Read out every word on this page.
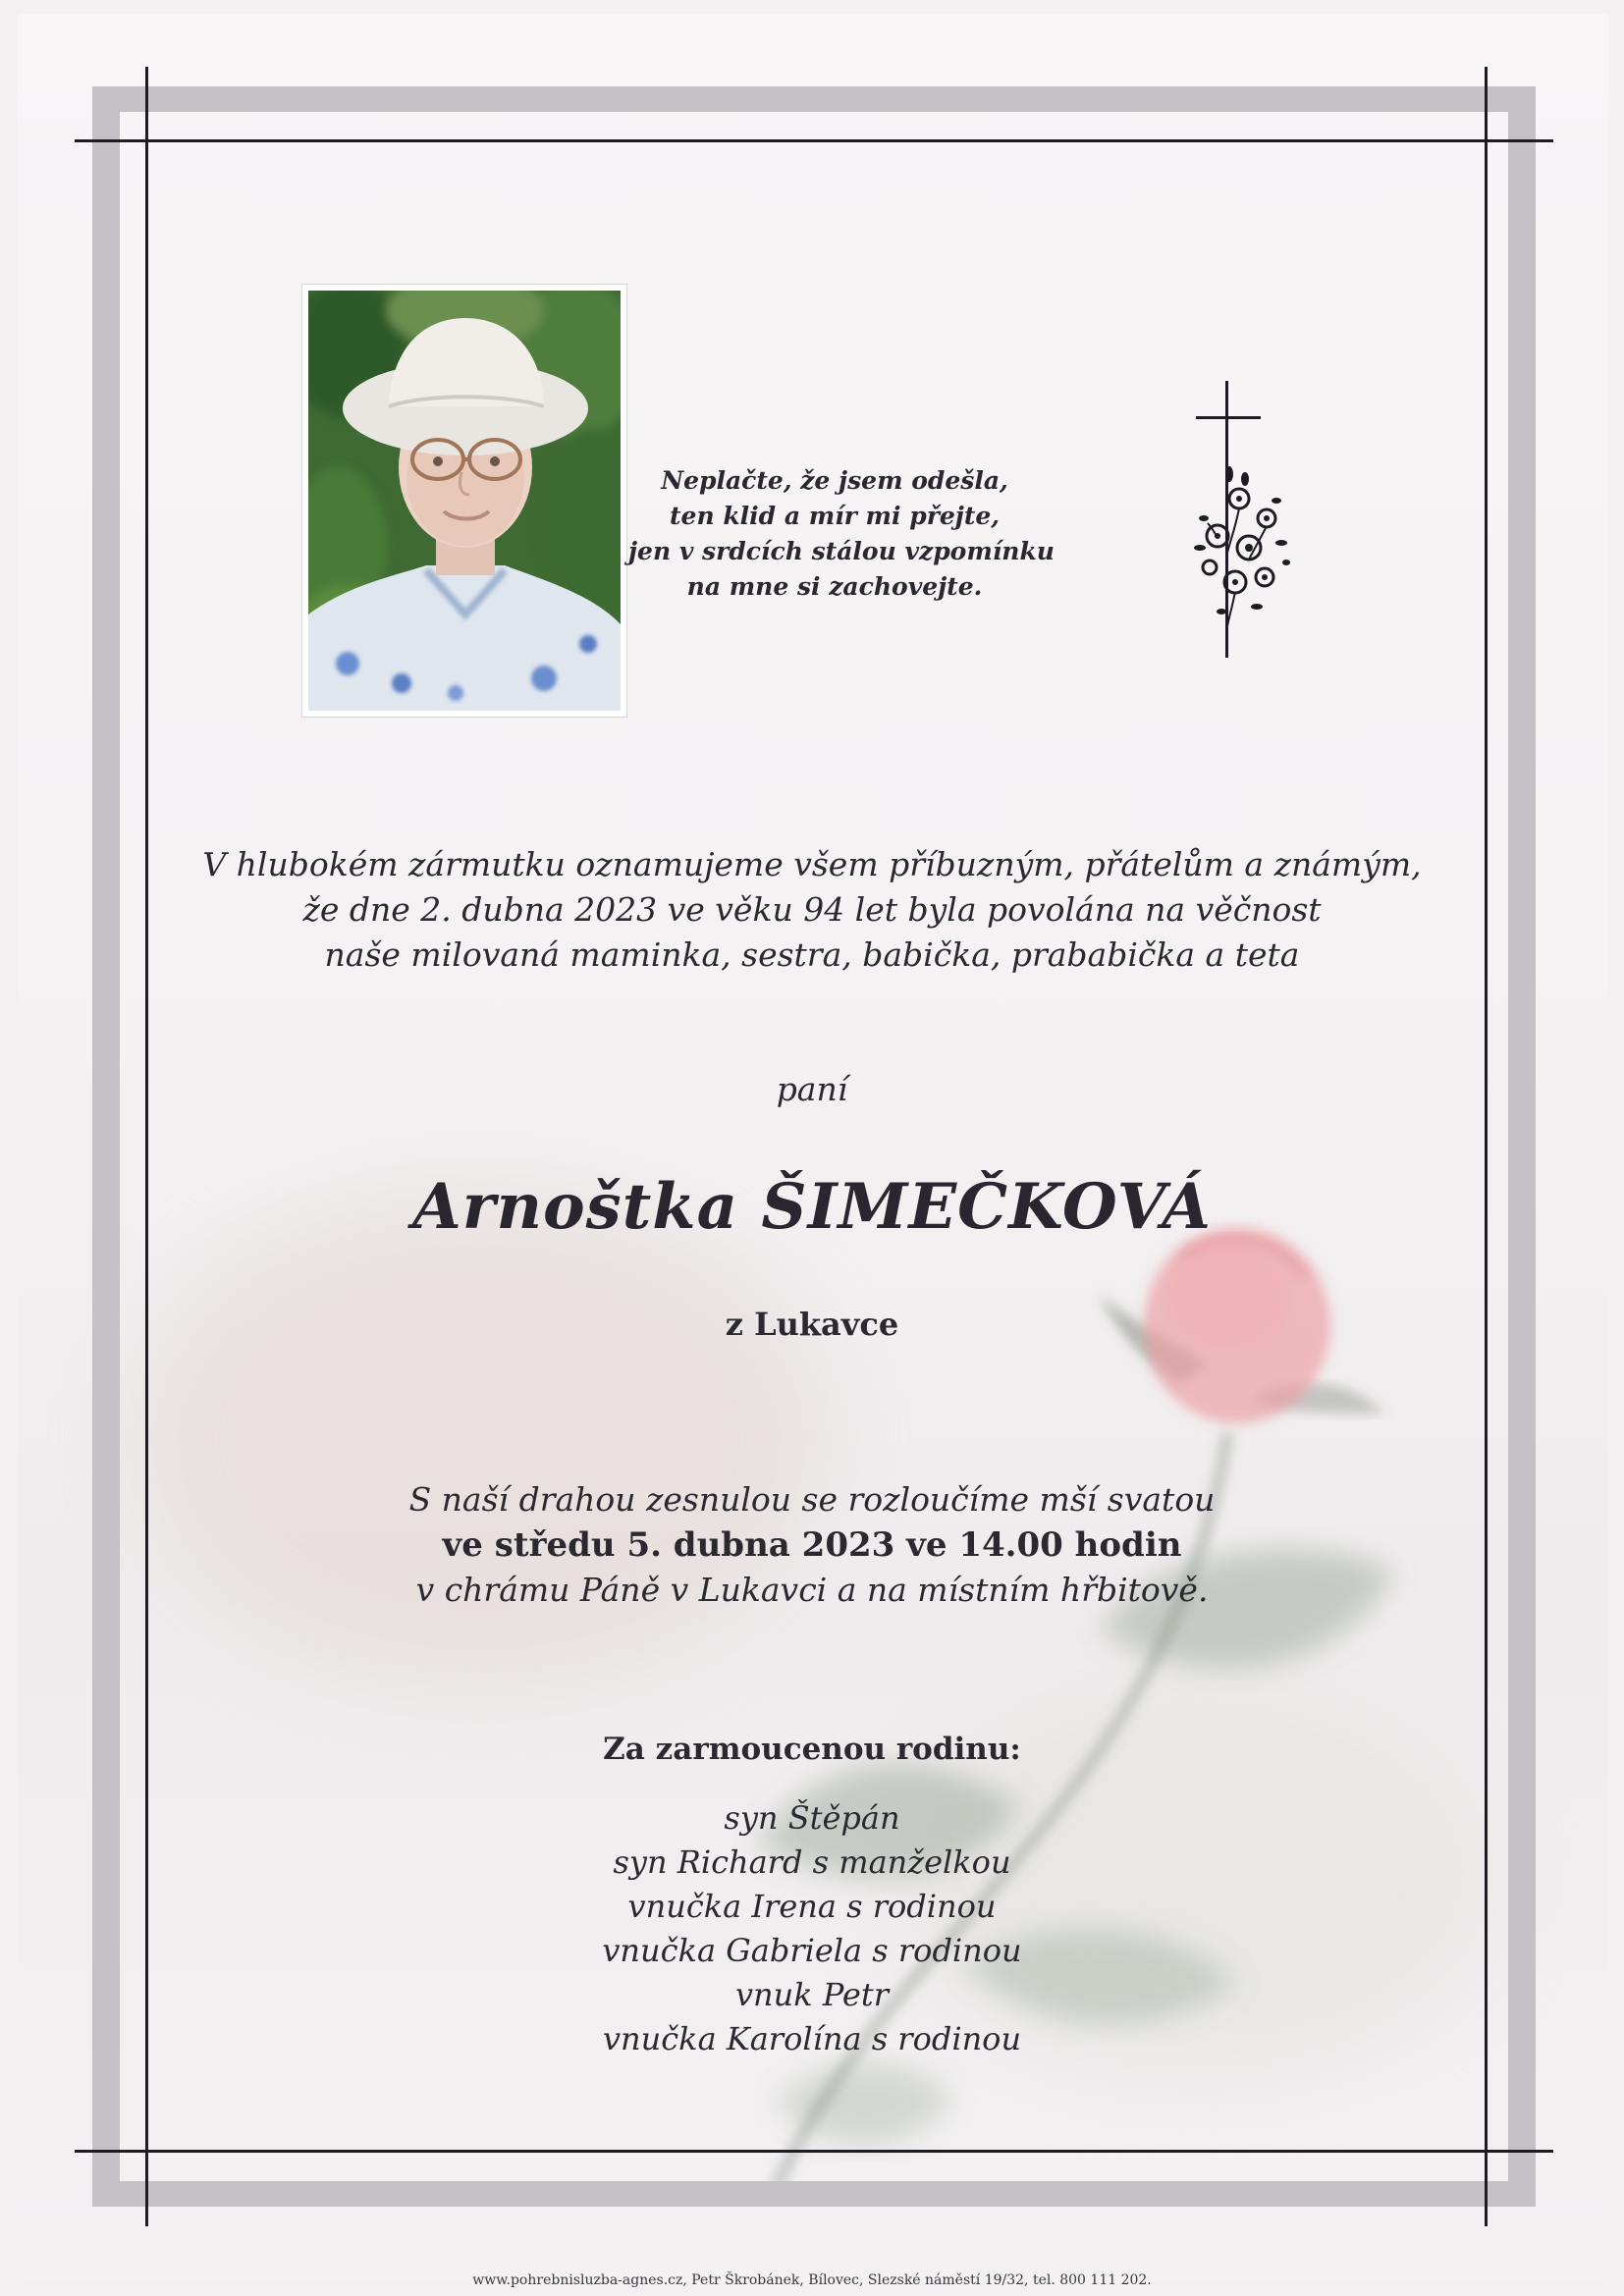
Neplačte, že jsem odešla,
ten klid a mír mi přejte,
jen v srdcích stálou vzpomínku
na mne si zachovejte.
V hlubokém zármutku oznamujeme všem příbuzným, přátelům a známým,
že dne 2. dubna 2023 ve věku 94 let byla povolána na věčnost
naše milovaná maminka, sestra, babička, prababička a teta
paní
Arnoštka ŠIMEČKOVÁ
z Lukavce
S naší drahou zesnulou se rozloučíme mší svatou
ve středu 5. dubna 2023 ve 14.00 hodin
v chrámu Páně v Lukavci a na místním hřbitově.
Za zarmoucenou rodinu:
syn Štěpán
syn Richard s manželkou
vnučka Irena s rodinou
vnučka Gabriela s rodinou
vnuk Petr
vnučka Karolína s rodinou
www.pohrebnisluzba-agnes.cz, Petr Škrobánek, Bílovec, Slezské náměstí 19/32, tel. 800 111 202.
